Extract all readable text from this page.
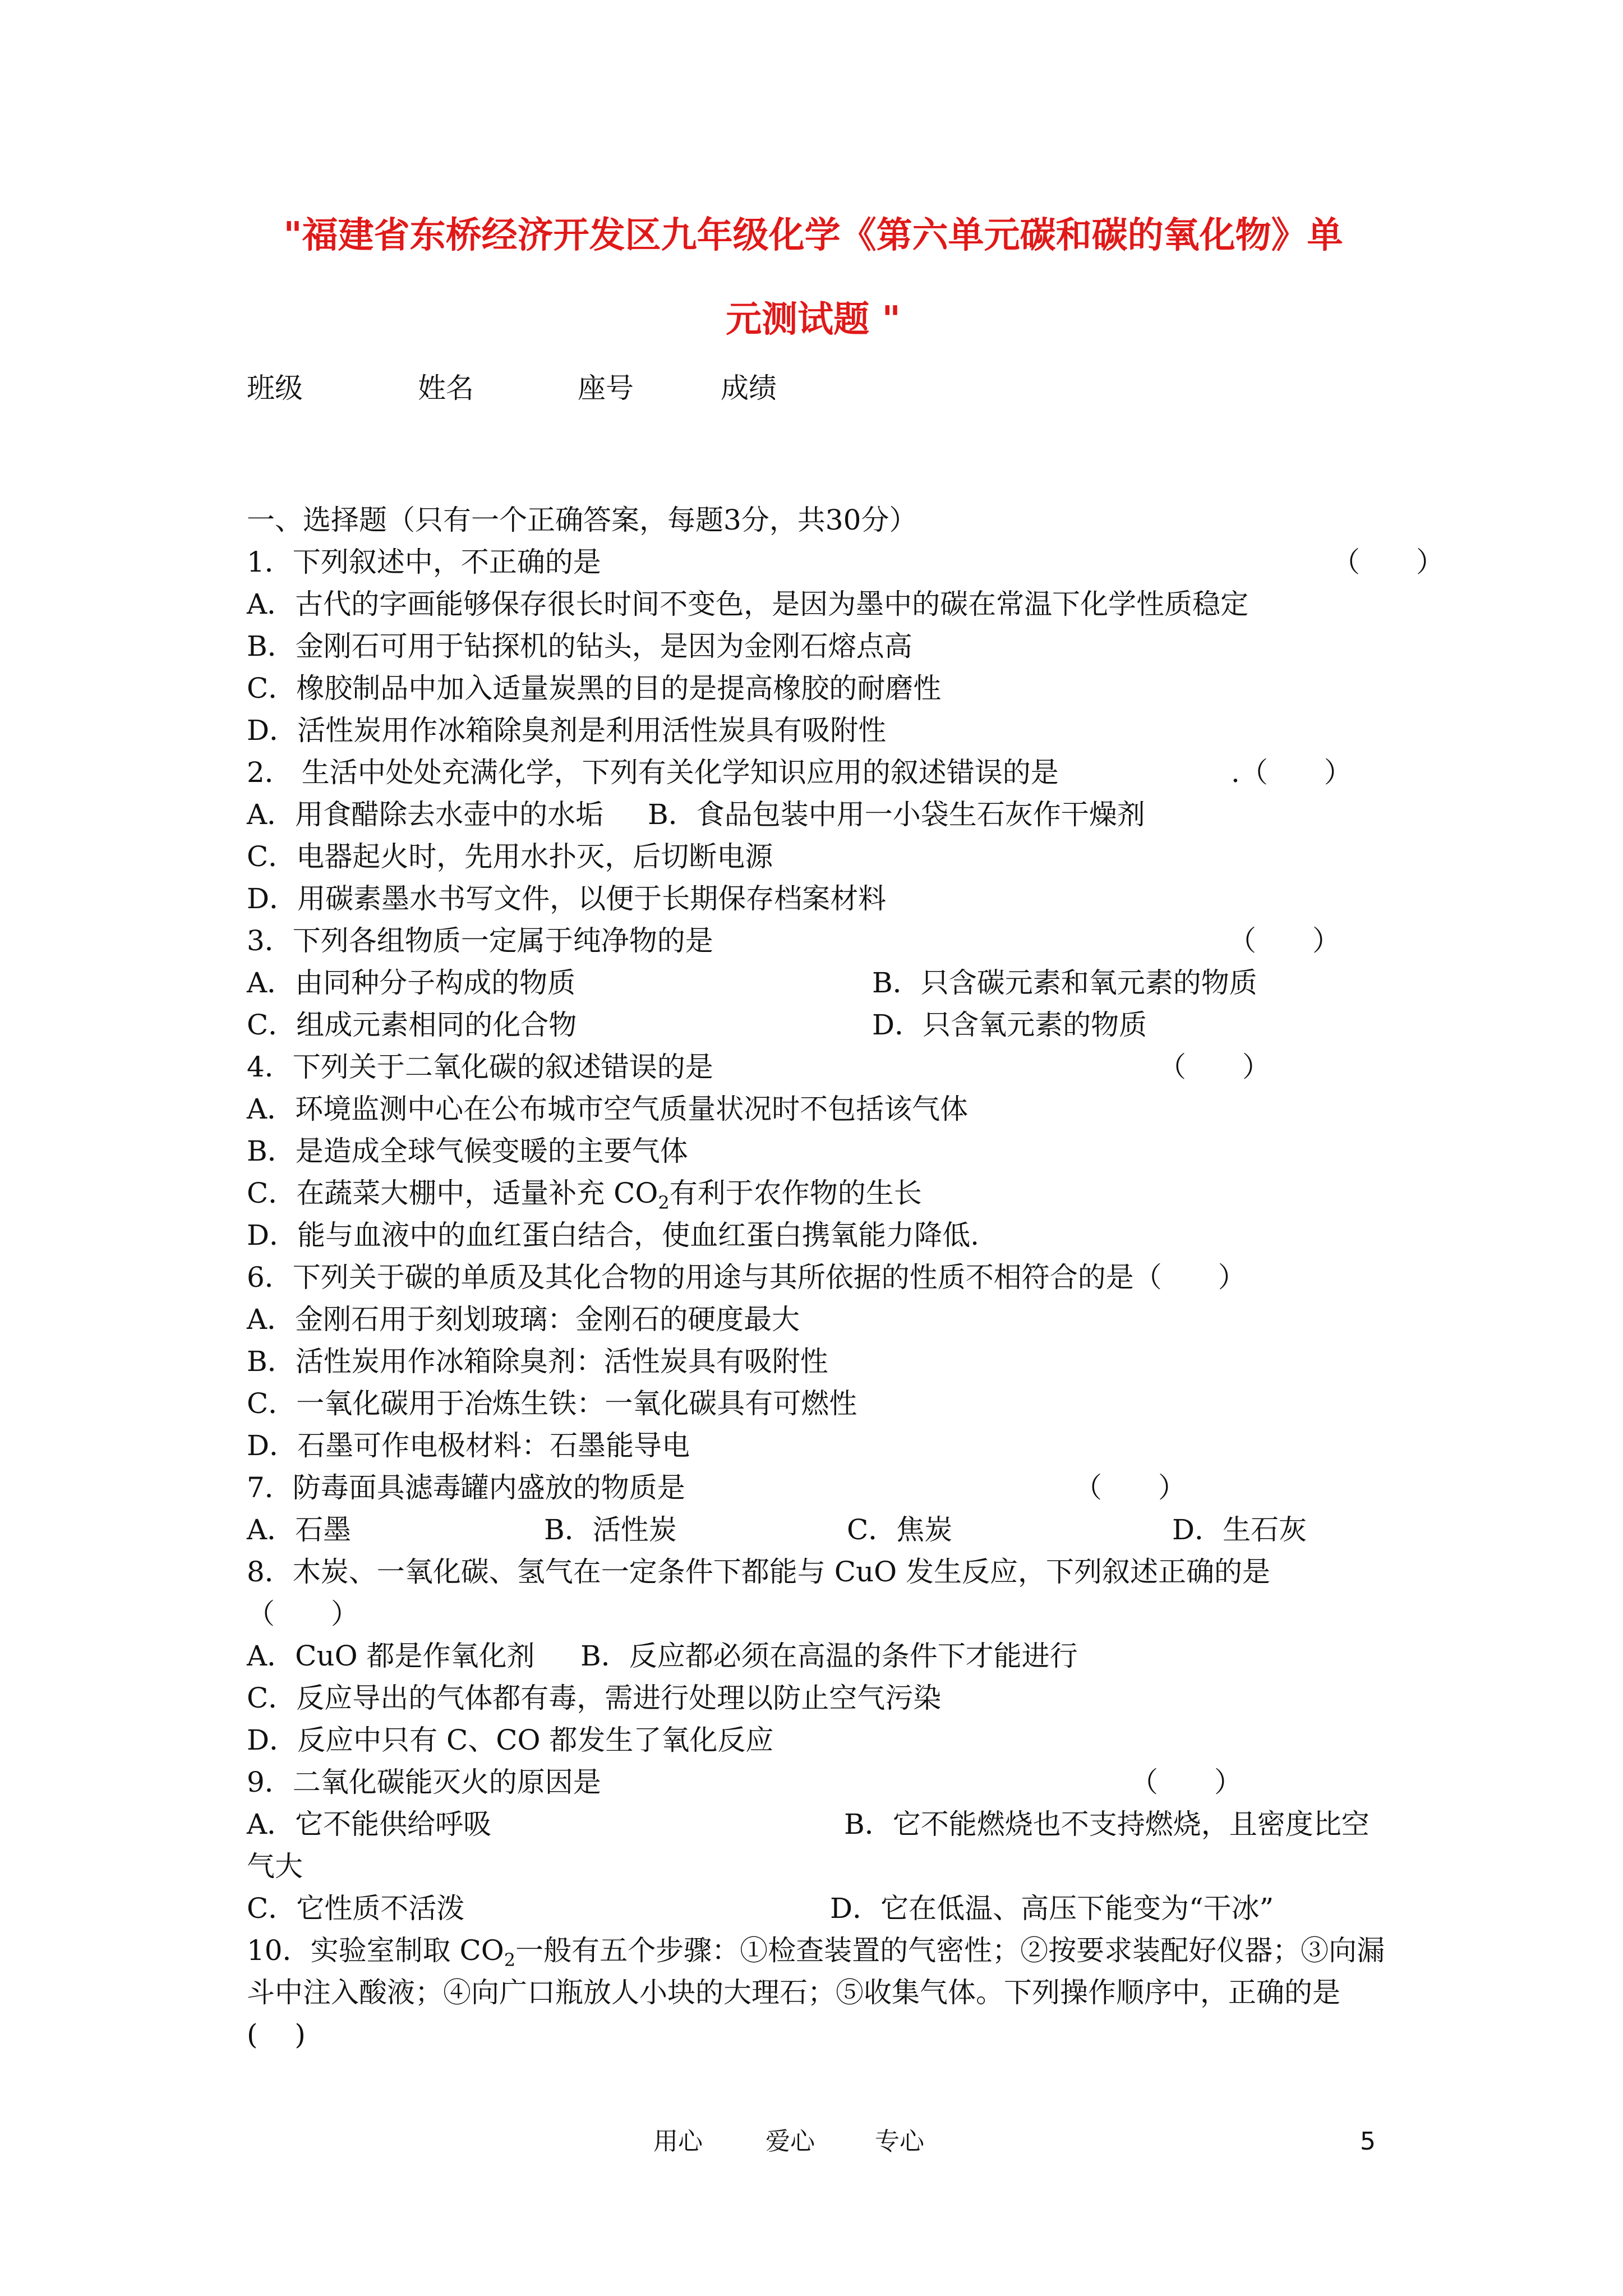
"福建省东桥经济开发区九年级化学《第六单元碳和碳的氧化物》单
元测试题 "
班级	姓名	座号	成绩
一、选择题（只有一个正确答案，每题3分，共30分）
1．下列叙述中，不正确的是	（　　）
A．古代的字画能够保存很长时间不变色，是因为墨中的碳在常温下化学性质稳定
B．金刚石可用于钻探机的钻头，是因为金刚石熔点高
C．橡胶制品中加入适量炭黑的目的是提高橡胶的耐磨性
D．活性炭用作冰箱除臭剂是利用活性炭具有吸附性
2． 生活中处处充满化学，下列有关化学知识应用的叙述错误的是	.（　　）
A．用食醋除去水壶中的水垢 B．食品包装中用一小袋生石灰作干燥剂
C．电器起火时，先用水扑灭，后切断电源
D．用碳素墨水书写文件，以便于长期保存档案材料
3．下列各组物质一定属于纯净物的是	（　　）
A．由同种分子构成的物质	B．只含碳元素和氧元素的物质
C．组成元素相同的化合物	D．只含氧元素的物质
4．下列关于二氧化碳的叙述错误的是	（　　）
A．环境监测中心在公布城市空气质量状况时不包括该气体
B．是造成全球气候变暖的主要气体
C．在蔬菜大棚中，适量补充 $CO_2$有利于农作物的生长
D．能与血液中的血红蛋白结合，使血红蛋白携氧能力降低.
6．下列关于碳的单质及其化合物的用途与其所依据的性质不相符合的是（　　）
A．金刚石用于刻划玻璃：金刚石的硬度最大
B．活性炭用作冰箱除臭剂：活性炭具有吸附性
C．一氧化碳用于冶炼生铁：一氧化碳具有可燃性
D．石墨可作电极材料：石墨能导电
7．防毒面具滤毒罐内盛放的物质是	（　　）
A．石墨	B．活性炭	C．焦炭	D．生石灰
8．木炭、一氧化碳、氢气在一定条件下都能与 CuO 发生反应，下列叙述正确的是
（　　）
A．CuO 都是作氧化剂 B．反应都必须在高温的条件下才能进行
C．反应导出的气体都有毒，需进行处理以防止空气污染
D．反应中只有 C、CO 都发生了氧化反应
9．二氧化碳能灭火的原因是	（　　）
A．它不能供给呼吸	B．它不能燃烧也不支持燃烧，且密度比空
气大
C．它性质不活泼	D．它在低温、高压下能变为“干冰”
10．实验室制取 $CO_2$一般有五个步骤：①检查装置的气密性；②按要求装配好仪器；③向漏
斗中注入酸液；④向广口瓶放人小块的大理石；⑤收集气体。下列操作顺序中，正确的是
(　 )
用心	爱心 专心	5
